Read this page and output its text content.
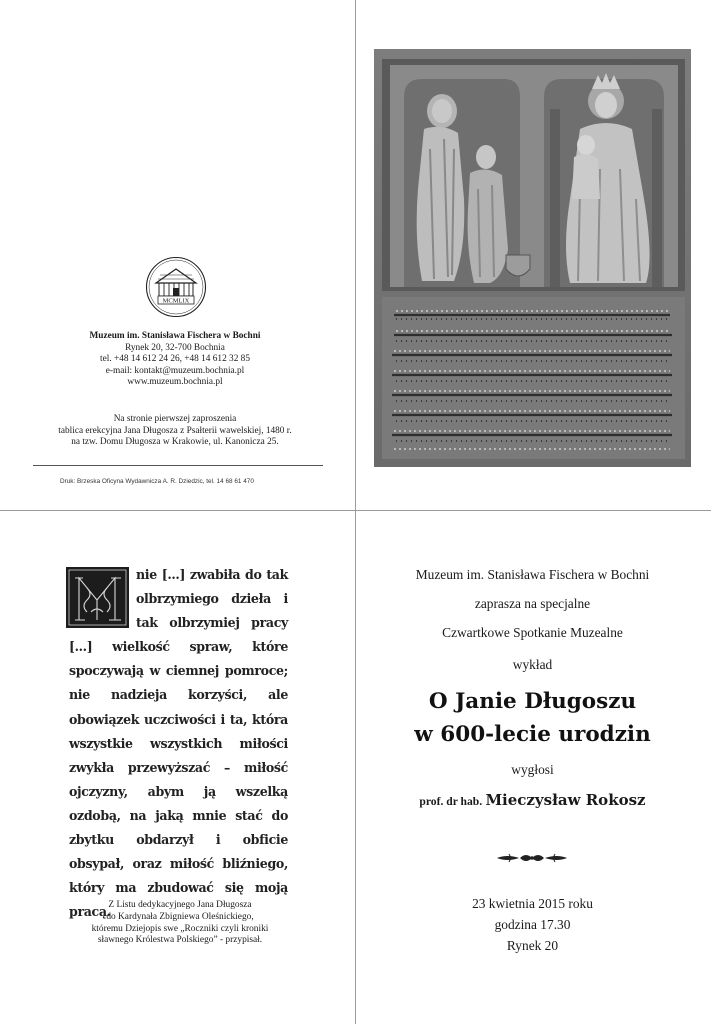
MCMLIX
Muzeum im. Stanisława Fischera w Bochni
Rynek 20, 32-700 Bochnia
tel. +48 14 612 24 26, +48 14 612 32 85
e-mail: kontakt@muzeum.bochnia.pl
www.muzeum.bochnia.pl
Na stronie pierwszej zaproszenia
tablica erekcyjna Jana Długosza z Psałterii wawelskiej, 1480 r.
na tzw. Domu Długosza w Krakowie, ul. Kanonicza 25.
Druk: Brzeska Oficyna Wydawnicza A. R. Dziedzic, tel. 14 68 61 470
M
nie [...] zwabiła do tak olbrzymiego dzieła i tak olbrzymiej pracy [...] wielkość spraw, które spoczywają w ciemnej pomroce; nie nadzieja korzyści, ale obowiązek uczciwości i ta, która wszystkie wszystkich miłości zwykła przewyższać – miłość ojczyzny, abym ją wszelką ozdobą, na jaką mnie stać do zbytku obdarzył i obficie obsypał, oraz miłość bliźniego, który ma zbudować się moją pracą.
Z Listu dedykacyjnego Jana Długosza
do Kardynała Zbigniewa Oleśnickiego,
któremu Dziejopis swe „Roczniki czyli kroniki
sławnego Królestwa Polskiego” - przypisał.
Muzeum im. Stanisława Fischera w Bochni
zaprasza na specjalne
Czwartkowe Spotkanie Muzealne
wykład
O Janie Długoszu
w 600-lecie urodzin
wygłosi
prof. dr hab. Mieczysław Rokosz
23 kwietnia 2015 roku
godzina 17.30
Rynek 20
